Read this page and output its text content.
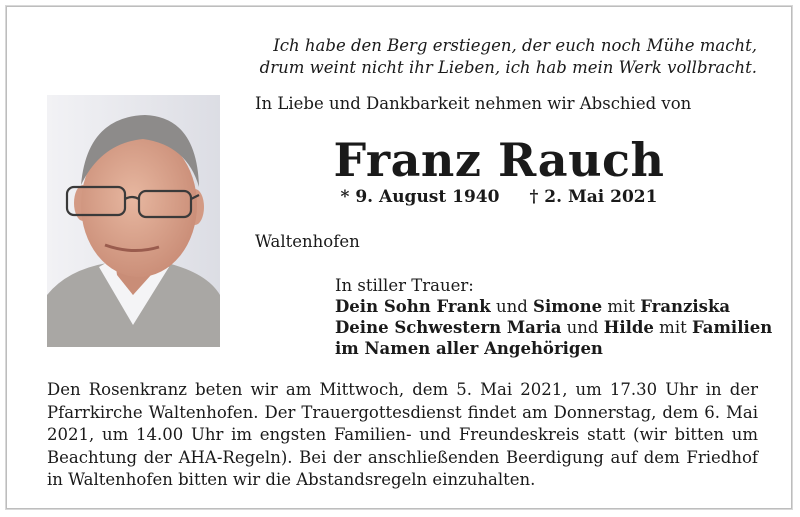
Ich habe den Berg erstiegen, der euch noch Mühe macht,
drum weint nicht ihr Lieben, ich hab mein Werk vollbracht.
In Liebe und Dankbarkeit nehmen wir Abschied von
Franz Rauch
* 9. August 1940 † 2. Mai 2021
Waltenhofen
In stiller Trauer:
Dein Sohn Frank und Simone mit Franziska
Deine Schwestern Maria und Hilde mit Familien
im Namen aller Angehörigen
Den Rosenkranz beten wir am Mittwoch, dem 5. Mai 2021, um 17.30 Uhr in der Pfarrkirche Waltenhofen. Der Trauergottesdienst findet am Donnerstag, dem 6. Mai 2021, um 14.00 Uhr im engsten Familien- und Freundeskreis statt (wir bitten um Beachtung der AHA-Regeln). Bei der anschließenden Beerdigung auf dem Friedhof in Waltenhofen bitten wir die Abstandsregeln einzuhalten.
